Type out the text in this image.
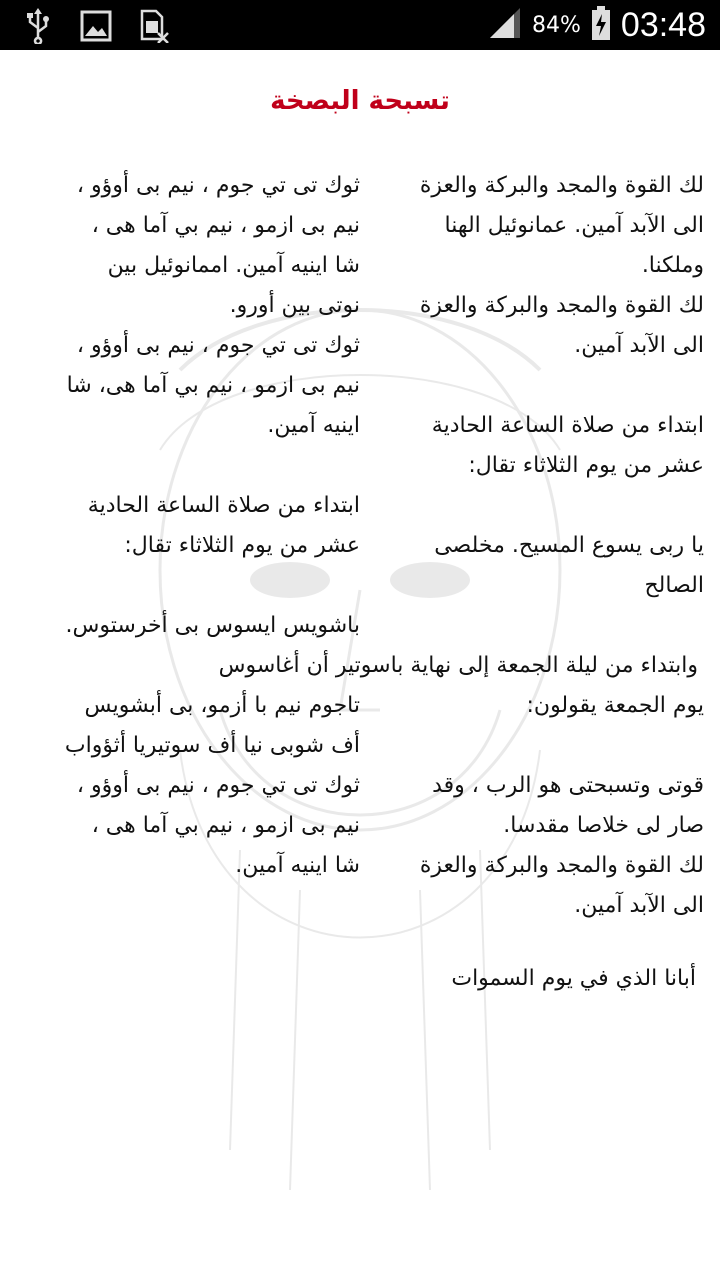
84% 03:48
تسبحة البصخة
لك القوة والمجد والبركة والعزة
الى الآبد آمين. عمانوئيل الهنا
وملكنا.
لك القوة والمجد والبركة والعزة
الى الآبد آمين.
ابتداء من صلاة الساعة الحادية
عشر من يوم الثلاثاء تقال:
يا ربى يسوع المسيح. مخلصى
الصالح
ثوك تى تي جوم ، نيم بى أوؤو ،
نيم بى ازمو ، نيم بي آما هى ،
شا اينيه آمين. اممانوئيل بين
نوتى بين أورو.
ثوك تى تي جوم ، نيم بى أوؤو ،
نيم بى ازمو ، نيم بي آما هى، شا
اينيه آمين.
ابتداء من صلاة الساعة الحادية
عشر من يوم الثلاثاء تقال:
باشويس ايسوس بى أخرستوس.
وابتداء من ليلة الجمعة إلى نهاية باسوتير أن أغاسوس
يوم الجمعة يقولون:
قوتى وتسبحتى هو الرب ، وقد
صار لى خلاصا مقدسا.
لك القوة والمجد والبركة والعزة
الى الآبد آمين.
تاجوم نيم با أزمو، بى أبشويس
أف شوبى نيا أف سوتيريا أثؤواب
ثوك تى تي جوم ، نيم بى أوؤو ،
نيم بى ازمو ، نيم بي آما هى ،
شا اينيه آمين.
أبانا الذي في يوم السموات
